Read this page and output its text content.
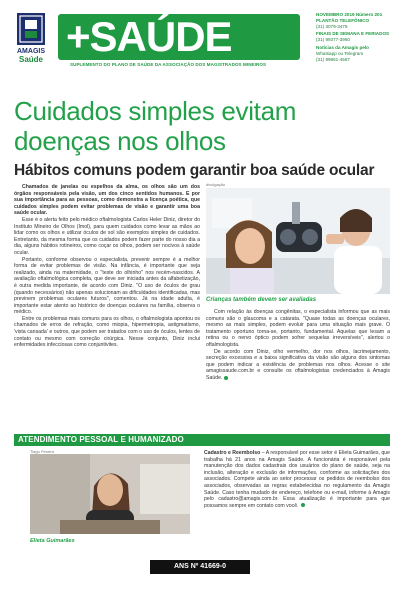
AMAGIS
Saúde +SAÚDE !
SUPLEMENTO DO PLANO DE SAÚDE DA ASSOCIAÇÃO DOS MAGISTRADOS MINEIROS
NOVEMBRO 2019 Número 201
PLANTÃO TELEFÔNICO
(31) 3079-3479
FINAIS DE SEMANA E FERIADOS
(31) 99377-3960
Notícias da Amagis pelo
Whatsapp ou Telegram
(31) 99961-4567
Cuidados simples evitam doenças nos olhos
Hábitos comuns podem garantir boa saúde ocular

Chamados de janelas ou espelhos da alma, os olhos são um dos órgãos responsáveis pela visão, um dos cinco sentidos humanos. E por sua importância para as pessoas, como demonstra a licença poética, que cuidados simples podem evitar problemas de visão e garantir uma boa saúde ocular.

Esse é o alerta feito pelo médico oftalmologista Carlos Heler Diniz, diretor do Instituto Mineiro de Olhos (Imol), para quem cuidados como levar as mãos ao lidar como os olhos e utilizar óculos de sol são exemplos simples de cuidados. Entretanto, da mesma forma que os cuidados podem fazer parte do nosso dia a dia, alguns hábitos rotineiros, como coçar os olhos, podem ser nocivos à saúde ocular.

Portanto, conforme observou o especialista, prevenir sempre é a melhor forma de evitar problemas de visão. Na infância, é importante que seja realizado, ainda na maternidade, o "teste do olhinho" nos recém-nascidos. A avaliação oftalmológica completa, que deve ser iniciada antes da alfabetização, é outra medida importante, de acordo com Diniz. "O uso de óculos de grau (quando necessários) não apenas solucionam as dificuldades identificadas, mas previnem problemas oculares futuros", comentou. Já na idade adulta, é importante estar atento ao histórico de doenças oculares na família, observa o médico.

Entre os problemas mais comuns para os olhos, o oftalmologista apontou os chamados de erros de refração, como miopia, hipermetropia, astigmatismo, 'vista cansada' e outros, que podem ser tratados com o uso de óculos, lentes de contato ou mesmo com correção cirúrgica. Nesse conjunto, Diniz inclui enfermidades infecciosas como conjuntivites.

divulgação
Crianças também devem ser avaliadas

Com relação às doenças congênitas, o especialista informou que as mais comuns são o glaucoma e a catarata. "Quase todas as doenças oculares, mesmo as mais simples, podem evoluir para uma situação mais grave. O tratamento oportuno torna-se, portanto, fundamental. Aquelas que lesam a retina ou o nervo óptico podem sofrer sequelas irreversíveis", alertou o oftalmologista.

De acordo com Diniz, olho vermelho, dor nos olhos, lacrimejamento, secreção excessiva e a baixa significativa da visão são alguns dos sintomas que podem indicar a existência de problemas nos olhos. Acesse o site amagissaude.com.br e consulte os oftalmologistas credenciados à Amagis Saúde.

ATENDIMENTO PESSOAL E HUMANIZADO
Tiago Pereira
Elieta Guimarães

Cadastro e Reembolso – A responsável por esse setor é Elieta Guimarães, que trabalha há 21 anos na Amagis Saúde. A funcionária é responsável pela manutenção dos dados cadastrais dos usuários do plano de saúde, seja na inclusão, alteração e exclusão de informações, conforme as solicitações dos associados. Compete ainda ao setor processar os pedidos de reembolso dos associados, observadas as regras estabelecidas no regulamento da Amagis Saúde. Caso tenha mudado de endereço, telefone ou e-mail, informe à Amagis pelo cadastro@amagis.com.br. Essa atualização é importante para que possamos sempre em contato com você.

ANS Nº 41669-0
